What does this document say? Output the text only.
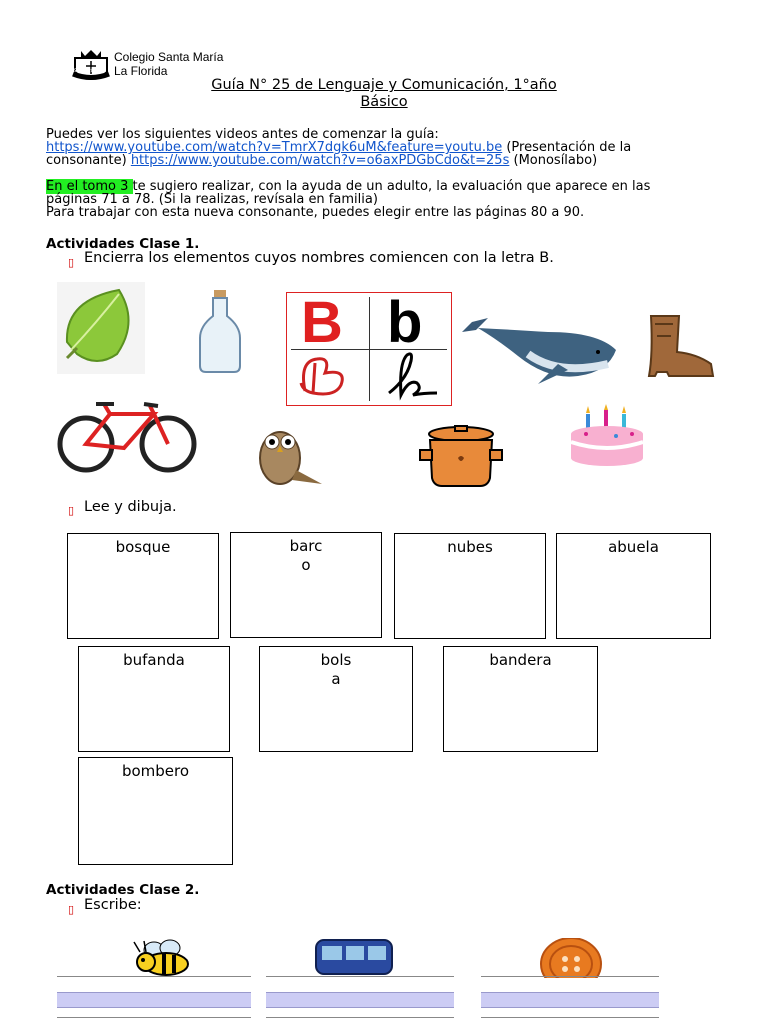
StaMaría
Colegio Santa María
La Florida
Guía N° 25 de Lenguaje y Comunicación, 1°año
Básico
Puedes ver los siguientes videos antes de comenzar la guía:
https://www.youtube.com/watch?v=TmrX7dgk6uM&feature=youtu.be (Presentación de la
consonante) https://www.youtube.com/watch?v=o6axPDGbCdo&t=25s (Monosílabo)
En el tomo 3 te sugiero realizar, con la ayuda de un adulto, la evaluación que aparece en las
páginas 71 a 78. (Si la realizas, revísala en familia)
Para trabajar con esta nueva consonante, puedes elegir entre las páginas 80 a 90.
Actividades Clase 1.
▯ Encierra los elementos cuyos nombres comiencen con la letra B.
B b
▯ Lee y dibuja.
bosque	barc
o
nubes	abuela
bufanda	bols
a
bandera
bombero
Actividades Clase 2.
▯ Escribe:
